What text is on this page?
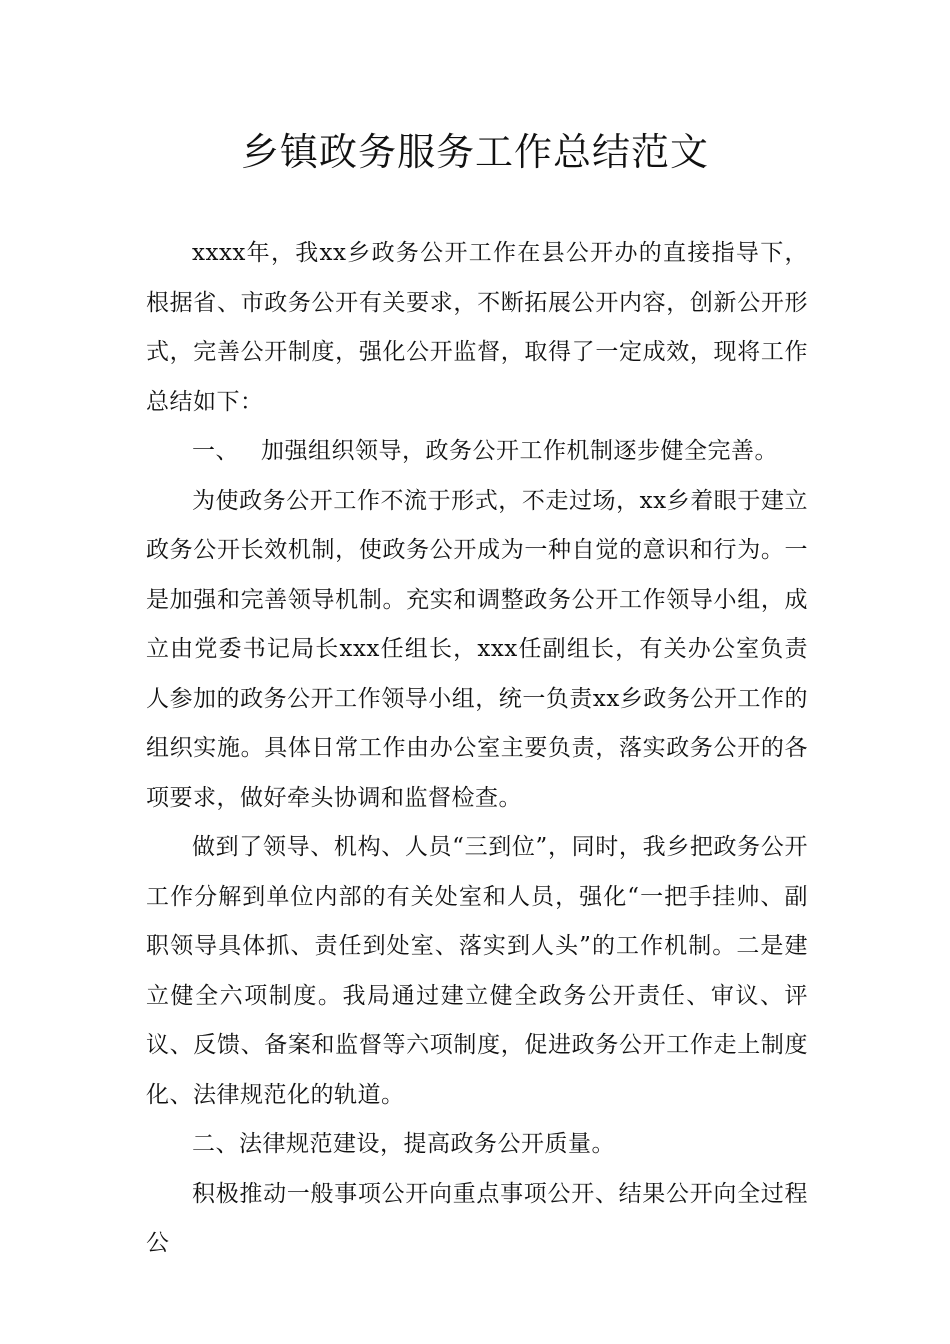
乡镇政务服务工作总结范文

xxxx年，我xx乡政务公开工作在县公开办的直接指导下，根据省、市政务公开有关要求，不断拓展公开内容，创新公开形式，完善公开制度，强化公开监督，取得了一定成效，现将工作总结如下：

一、 加强组织领导，政务公开工作机制逐步健全完善。

为使政务公开工作不流于形式，不走过场，xx乡着眼于建立政务公开长效机制，使政务公开成为一种自觉的意识和行为。一是加强和完善领导机制。充实和调整政务公开工作领导小组，成立由党委书记局长xxx任组长，xxx任副组长，有关办公室负责人参加的政务公开工作领导小组，统一负责xx乡政务公开工作的组织实施。具体日常工作由办公室主要负责，落实政务公开的各项要求，做好牵头协调和监督检查。

做到了领导、机构、人员“三到位”，同时，我乡把政务公开工作分解到单位内部的有关处室和人员，强化“一把手挂帅、副职领导具体抓、责任到处室、落实到人头”的工作机制。二是建立健全六项制度。我局通过建立健全政务公开责任、审议、评议、反馈、备案和监督等六项制度，促进政务公开工作走上制度化、法律规范化的轨道。

二、法律规范建设，提高政务公开质量。

积极推动一般事项公开向重点事项公开、结果公开向全过程公
